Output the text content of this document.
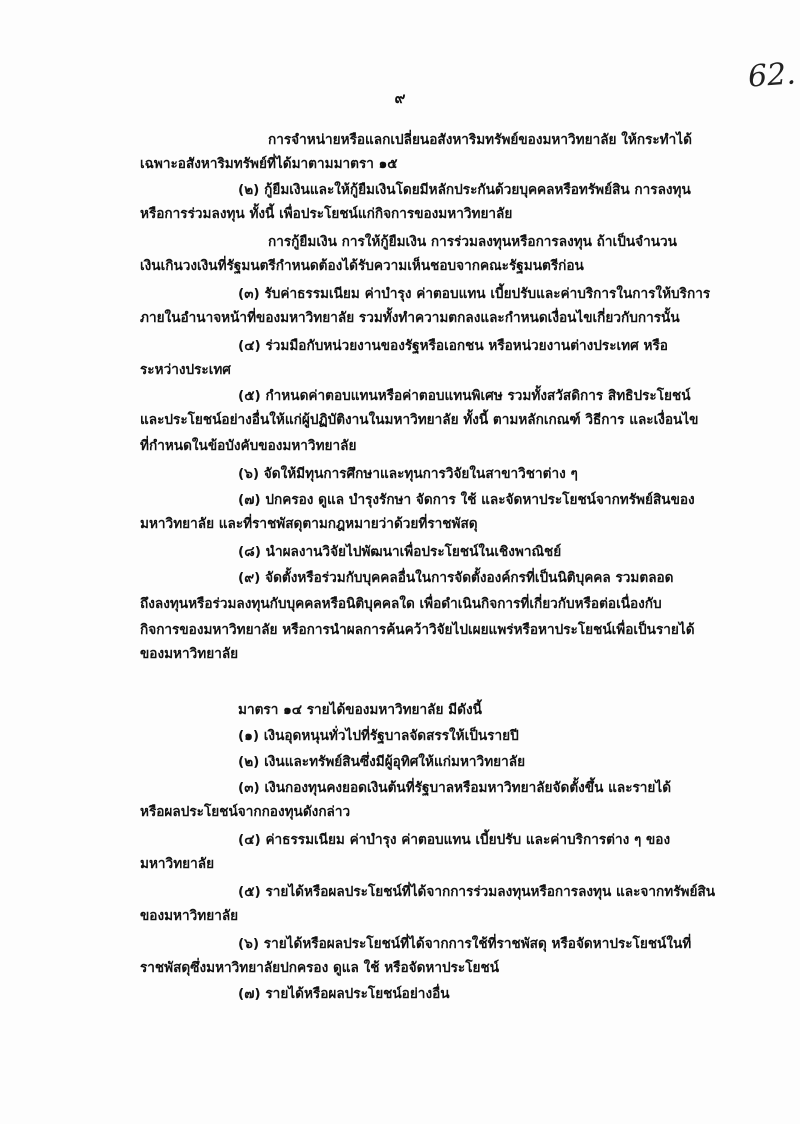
62.
๙
การจำหน่ายหรือแลกเปลี่ยนอสังหาริมทรัพย์ของมหาวิทยาลัย ให้กระทำได้
เฉพาะอสังหาริมทรัพย์ที่ได้มาตามมาตรา ๑๕
(๒) กู้ยืมเงินและให้กู้ยืมเงินโดยมีหลักประกันด้วยบุคคลหรือทรัพย์สิน การลงทุน
หรือการร่วมลงทุน ทั้งนี้ เพื่อประโยชน์แก่กิจการของมหาวิทยาลัย
การกู้ยืมเงิน การให้กู้ยืมเงิน การร่วมลงทุนหรือการลงทุน ถ้าเป็นจำนวน
เงินเกินวงเงินที่รัฐมนตรีกำหนดต้องได้รับความเห็นชอบจากคณะรัฐมนตรีก่อน
(๓) รับค่าธรรมเนียม ค่าบำรุง ค่าตอบแทน เบี้ยปรับและค่าบริการในการให้บริการ
ภายในอำนาจหน้าที่ของมหาวิทยาลัย รวมทั้งทำความตกลงและกำหนดเงื่อนไขเกี่ยวกับการนั้น
(๔) ร่วมมือกับหน่วยงานของรัฐหรือเอกชน หรือหน่วยงานต่างประเทศ หรือ
ระหว่างประเทศ
(๕) กำหนดค่าตอบแทนหรือค่าตอบแทนพิเศษ รวมทั้งสวัสดิการ สิทธิประโยชน์
และประโยชน์อย่างอื่นให้แก่ผู้ปฏิบัติงานในมหาวิทยาลัย ทั้งนี้ ตามหลักเกณฑ์ วิธีการ และเงื่อนไข
ที่กำหนดในข้อบังคับของมหาวิทยาลัย
(๖) จัดให้มีทุนการศึกษาและทุนการวิจัยในสาขาวิชาต่าง ๆ
(๗) ปกครอง ดูแล บำรุงรักษา จัดการ ใช้ และจัดหาประโยชน์จากทรัพย์สินของ
มหาวิทยาลัย และที่ราชพัสดุตามกฎหมายว่าด้วยที่ราชพัสดุ
(๘) นำผลงานวิจัยไปพัฒนาเพื่อประโยชน์ในเชิงพาณิชย์
(๙) จัดตั้งหรือร่วมกับบุคคลอื่นในการจัดตั้งองค์กรที่เป็นนิติบุคคล รวมตลอด
ถึงลงทุนหรือร่วมลงทุนกับบุคคลหรือนิติบุคคลใด เพื่อดำเนินกิจการที่เกี่ยวกับหรือต่อเนื่องกับ
กิจการของมหาวิทยาลัย หรือการนำผลการค้นคว้าวิจัยไปเผยแพร่หรือหาประโยชน์เพื่อเป็นรายได้
ของมหาวิทยาลัย
มาตรา ๑๔ รายได้ของมหาวิทยาลัย มีดังนี้
(๑) เงินอุดหนุนทั่วไปที่รัฐบาลจัดสรรให้เป็นรายปี
(๒) เงินและทรัพย์สินซึ่งมีผู้อุทิศให้แก่มหาวิทยาลัย
(๓) เงินกองทุนคงยอดเงินต้นที่รัฐบาลหรือมหาวิทยาลัยจัดตั้งขึ้น และรายได้
หรือผลประโยชน์จากกองทุนดังกล่าว
(๔) ค่าธรรมเนียม ค่าบำรุง ค่าตอบแทน เบี้ยปรับ และค่าบริการต่าง ๆ ของ
มหาวิทยาลัย
(๕) รายได้หรือผลประโยชน์ที่ได้จากการร่วมลงทุนหรือการลงทุน และจากทรัพย์สิน
ของมหาวิทยาลัย
(๖) รายได้หรือผลประโยชน์ที่ได้จากการใช้ที่ราชพัสดุ หรือจัดหาประโยชน์ในที่
ราชพัสดุซึ่งมหาวิทยาลัยปกครอง ดูแล ใช้ หรือจัดหาประโยชน์
(๗) รายได้หรือผลประโยชน์อย่างอื่น
